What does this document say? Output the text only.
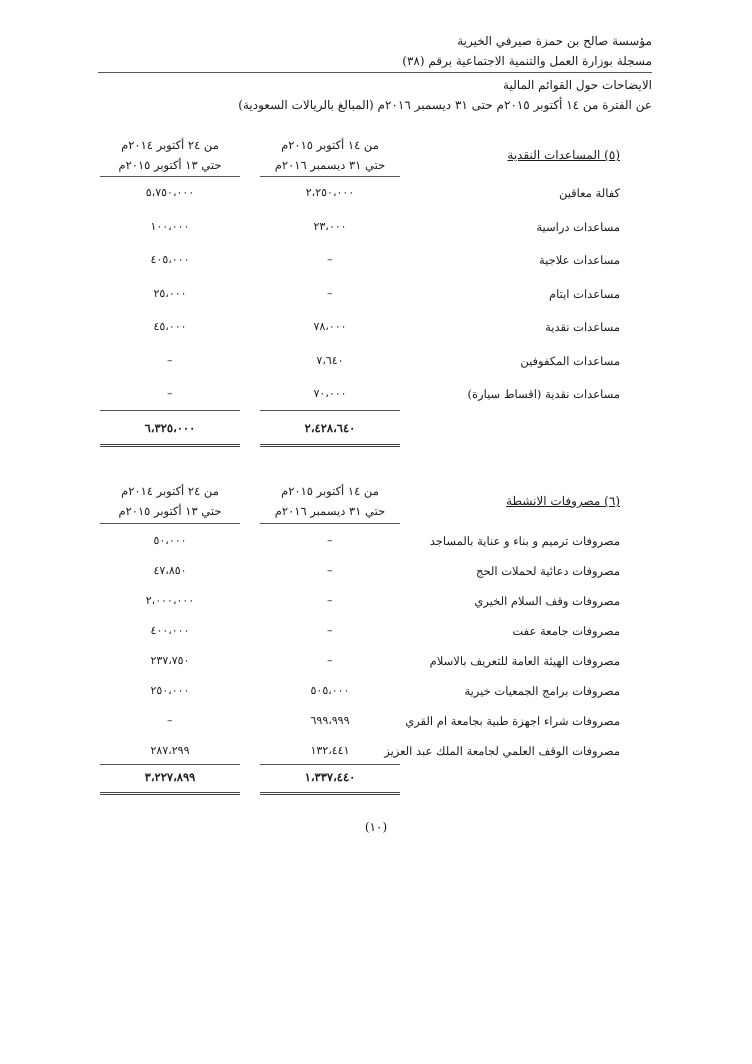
مؤسسة صالح بن حمزة صيرفي الخيرية
مسجلة بوزارة العمل والتنمية الاجتماعية برقم (٣٨)
الايضاحات حول القوائم المالية
عن الفترة من ١٤ أكتوبر ٢٠١٥م حتى ٣١ ديسمبر ٢٠١٦م (المبالغ بالريالات السعودية)
من ١٤ أكتوبر ٢٠١٥م
حتي ٣١ ديسمبر ٢٠١٦م
من ٢٤ أكتوبر ٢٠١٤م
حتي ١٣ أكتوبر ٢٠١٥م
(٥) المساعدات النقدية
كفالة معاقين
٢،٢٥٠،٠٠٠
٥،٧٥٠،٠٠٠
مساعدات دراسية
٢٣،٠٠٠
١٠٠،٠٠٠
مساعدات علاجية
–
٤٠٥،٠٠٠
مساعدات ايتام
–
٢٥،٠٠٠
مساعدات نقدية
٧٨،٠٠٠
٤٥،٠٠٠
مساعدات المكفوفين
٧،٦٤٠
–
مساعدات نقدية (اقساط سيارة)
٧٠،٠٠٠
–
٢،٤٢٨،٦٤٠
٦،٣٢٥،٠٠٠
من ١٤ أكتوبر ٢٠١٥م
حتي ٣١ ديسمبر ٢٠١٦م
من ٢٤ أكتوبر ٢٠١٤م
حتي ١٣ أكتوبر ٢٠١٥م
(٦) مصروفات الانشطة
مصروفات ترميم و بناء و عناية بالمساجد
–
٥٠،٠٠٠
مصروفات دعائية لحملات الحج
–
٤٧،٨٥٠
مصروفات وقف السلام الخيري
–
٢،٠٠٠،٠٠٠
مصروفات جامعة عفت
–
٤٠٠،٠٠٠
مصروفات الهيئة العامة للتعريف بالاسلام
–
٢٣٧،٧٥٠
مصروفات برامج الجمعيات خيرية
٥٠٥،٠٠٠
٢٥٠،٠٠٠
مصروفات شراء اجهزة طبية بجامعة ام القري
٦٩٩،٩٩٩
–
مصروفات الوقف العلمي لجامعة الملك عبد العزيز
١٣٢،٤٤١
٢٨٧،٢٩٩
١،٣٣٧،٤٤٠
٣،٢٢٧،٨٩٩
(١٠)
